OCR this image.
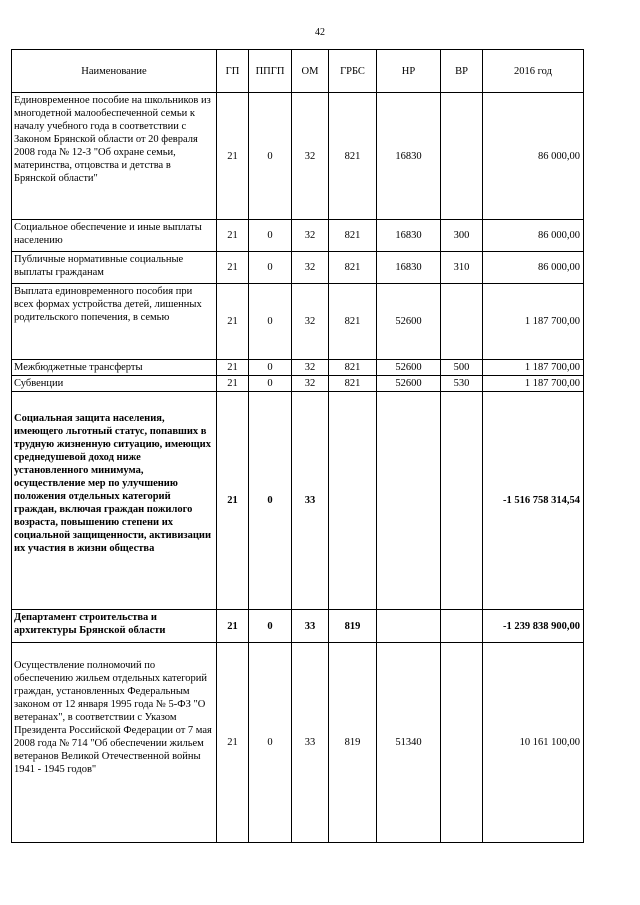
42
Наименование	ГП	ППГП	ОМ	ГРБС	НР	ВР	2016 год
Единовременное пособие на школьников из многодетной малообеспеченной семьи к началу учебного года в соответствии с Законом Брянской области от 20 февраля 2008 года № 12-З "Об охране семьи, материнства, отцовства и детства в Брянской области"	21	0	32	821	16830		86 000,00
Социальное обеспечение и иные выплаты населению	21	0	32	821	16830	300	86 000,00
Публичные нормативные социальные выплаты гражданам	21	0	32	821	16830	310	86 000,00
Выплата единовременного пособия при всех формах устройства детей, лишенных родительского попечения, в семью	21	0	32	821	52600		1 187 700,00
Межбюджетные трансферты	21	0	32	821	52600	500	1 187 700,00
Субвенции	21	0	32	821	52600	530	1 187 700,00
Социальная защита населения, имеющего льготный статус, попавших в трудную жизненную ситуацию, имеющих среднедушевой доход ниже установленного минимума, осуществление мер по улучшению положения отдельных категорий граждан, включая граждан пожилого возраста, повышению степени их социальной защищенности, активизации их участия в жизни общества	21	0	33				-1 516 758 314,54
Департамент строительства и архитектуры Брянской области	21	0	33	819			-1 239 838 900,00
Осуществление полномочий по обеспечению жильем отдельных категорий граждан, установленных Федеральным законом от 12 января 1995 года № 5-ФЗ "О ветеранах", в соответствии с Указом Президента Российской Федерации от 7 мая 2008 года № 714 "Об обеспечении жильем ветеранов Великой Отечественной войны 1941 - 1945 годов"	21	0	33	819	51340		10 161 100,00
